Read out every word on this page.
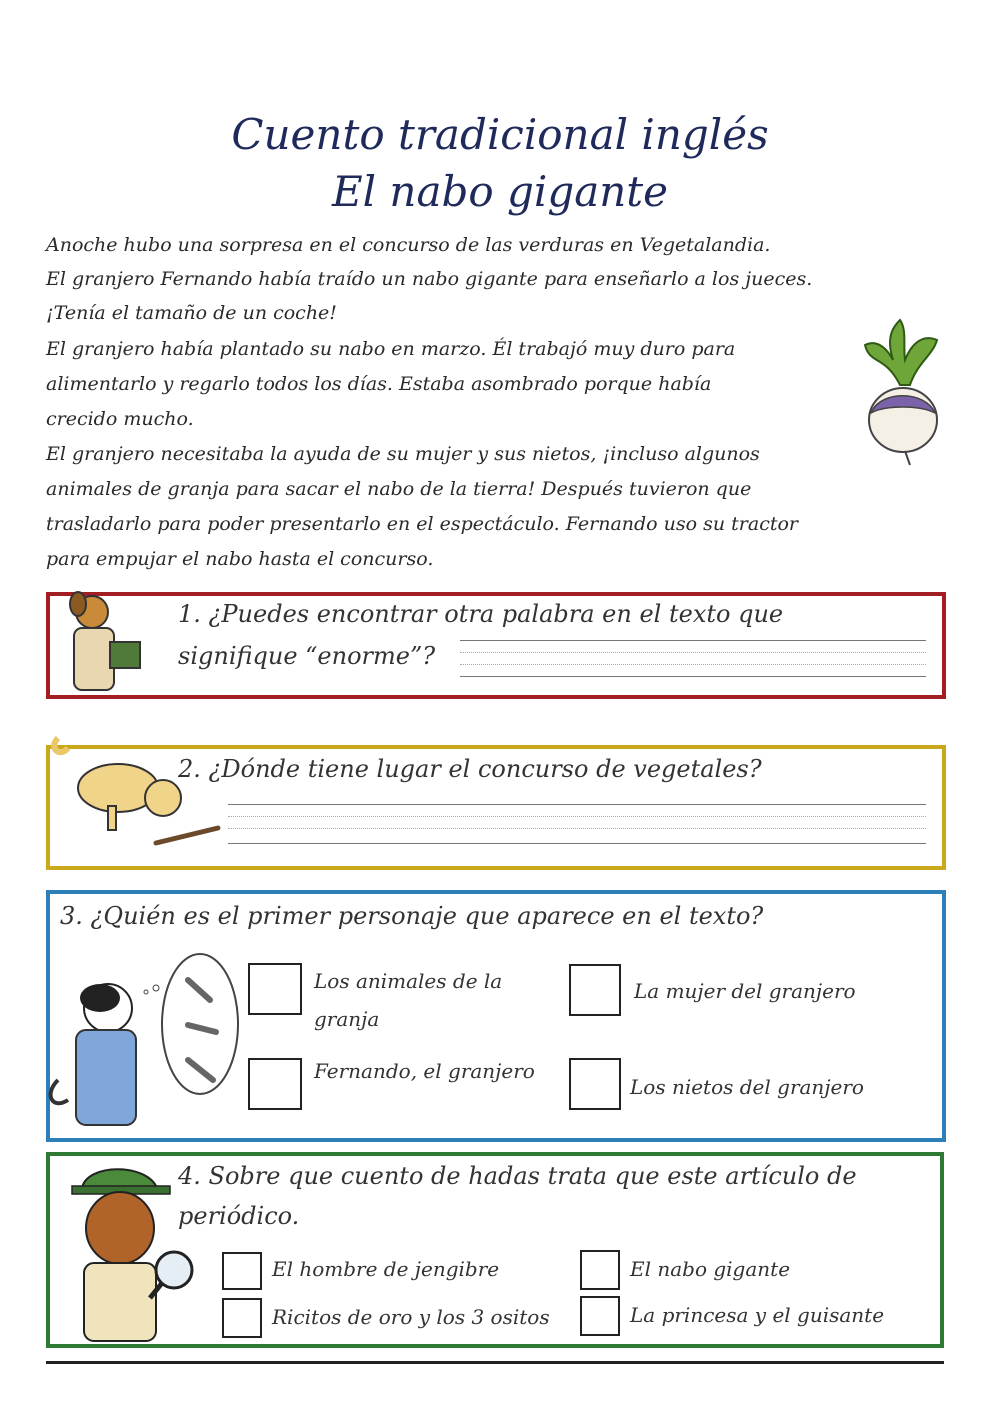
Cuento tradicional inglés
El nabo gigante
Anoche hubo una sorpresa en el concurso de las verduras en Vegetalandia.
El granjero Fernando había traído un nabo gigante para enseñarlo a los jueces.
¡Tenía el tamaño de un coche!
El granjero había plantado su nabo en marzo. Él trabajó muy duro para
alimentarlo y regarlo todos los días. Estaba asombrado porque había
crecido mucho.
El granjero necesitaba la ayuda de su mujer y sus nietos, ¡incluso algunos
animales de granja para sacar el nabo de la tierra! Después tuvieron que
trasladarlo para poder presentarlo en el espectáculo. Fernando uso su tractor
para empujar el nabo hasta el concurso.
1. ¿Puedes encontrar otra palabra en el texto que
signifique “enorme”?
2. ¿Dónde tiene lugar el concurso de vegetales?
3. ¿Quién es el primer personaje que aparece en el texto?
Los animales de la granja
La mujer del granjero
Fernando, el granjero
Los nietos del granjero
4. Sobre que cuento de hadas trata que este artículo de
periódico.
El hombre de jengibre	El nabo gigante
Ricitos de oro y los 3 ositos	La princesa y el guisante
